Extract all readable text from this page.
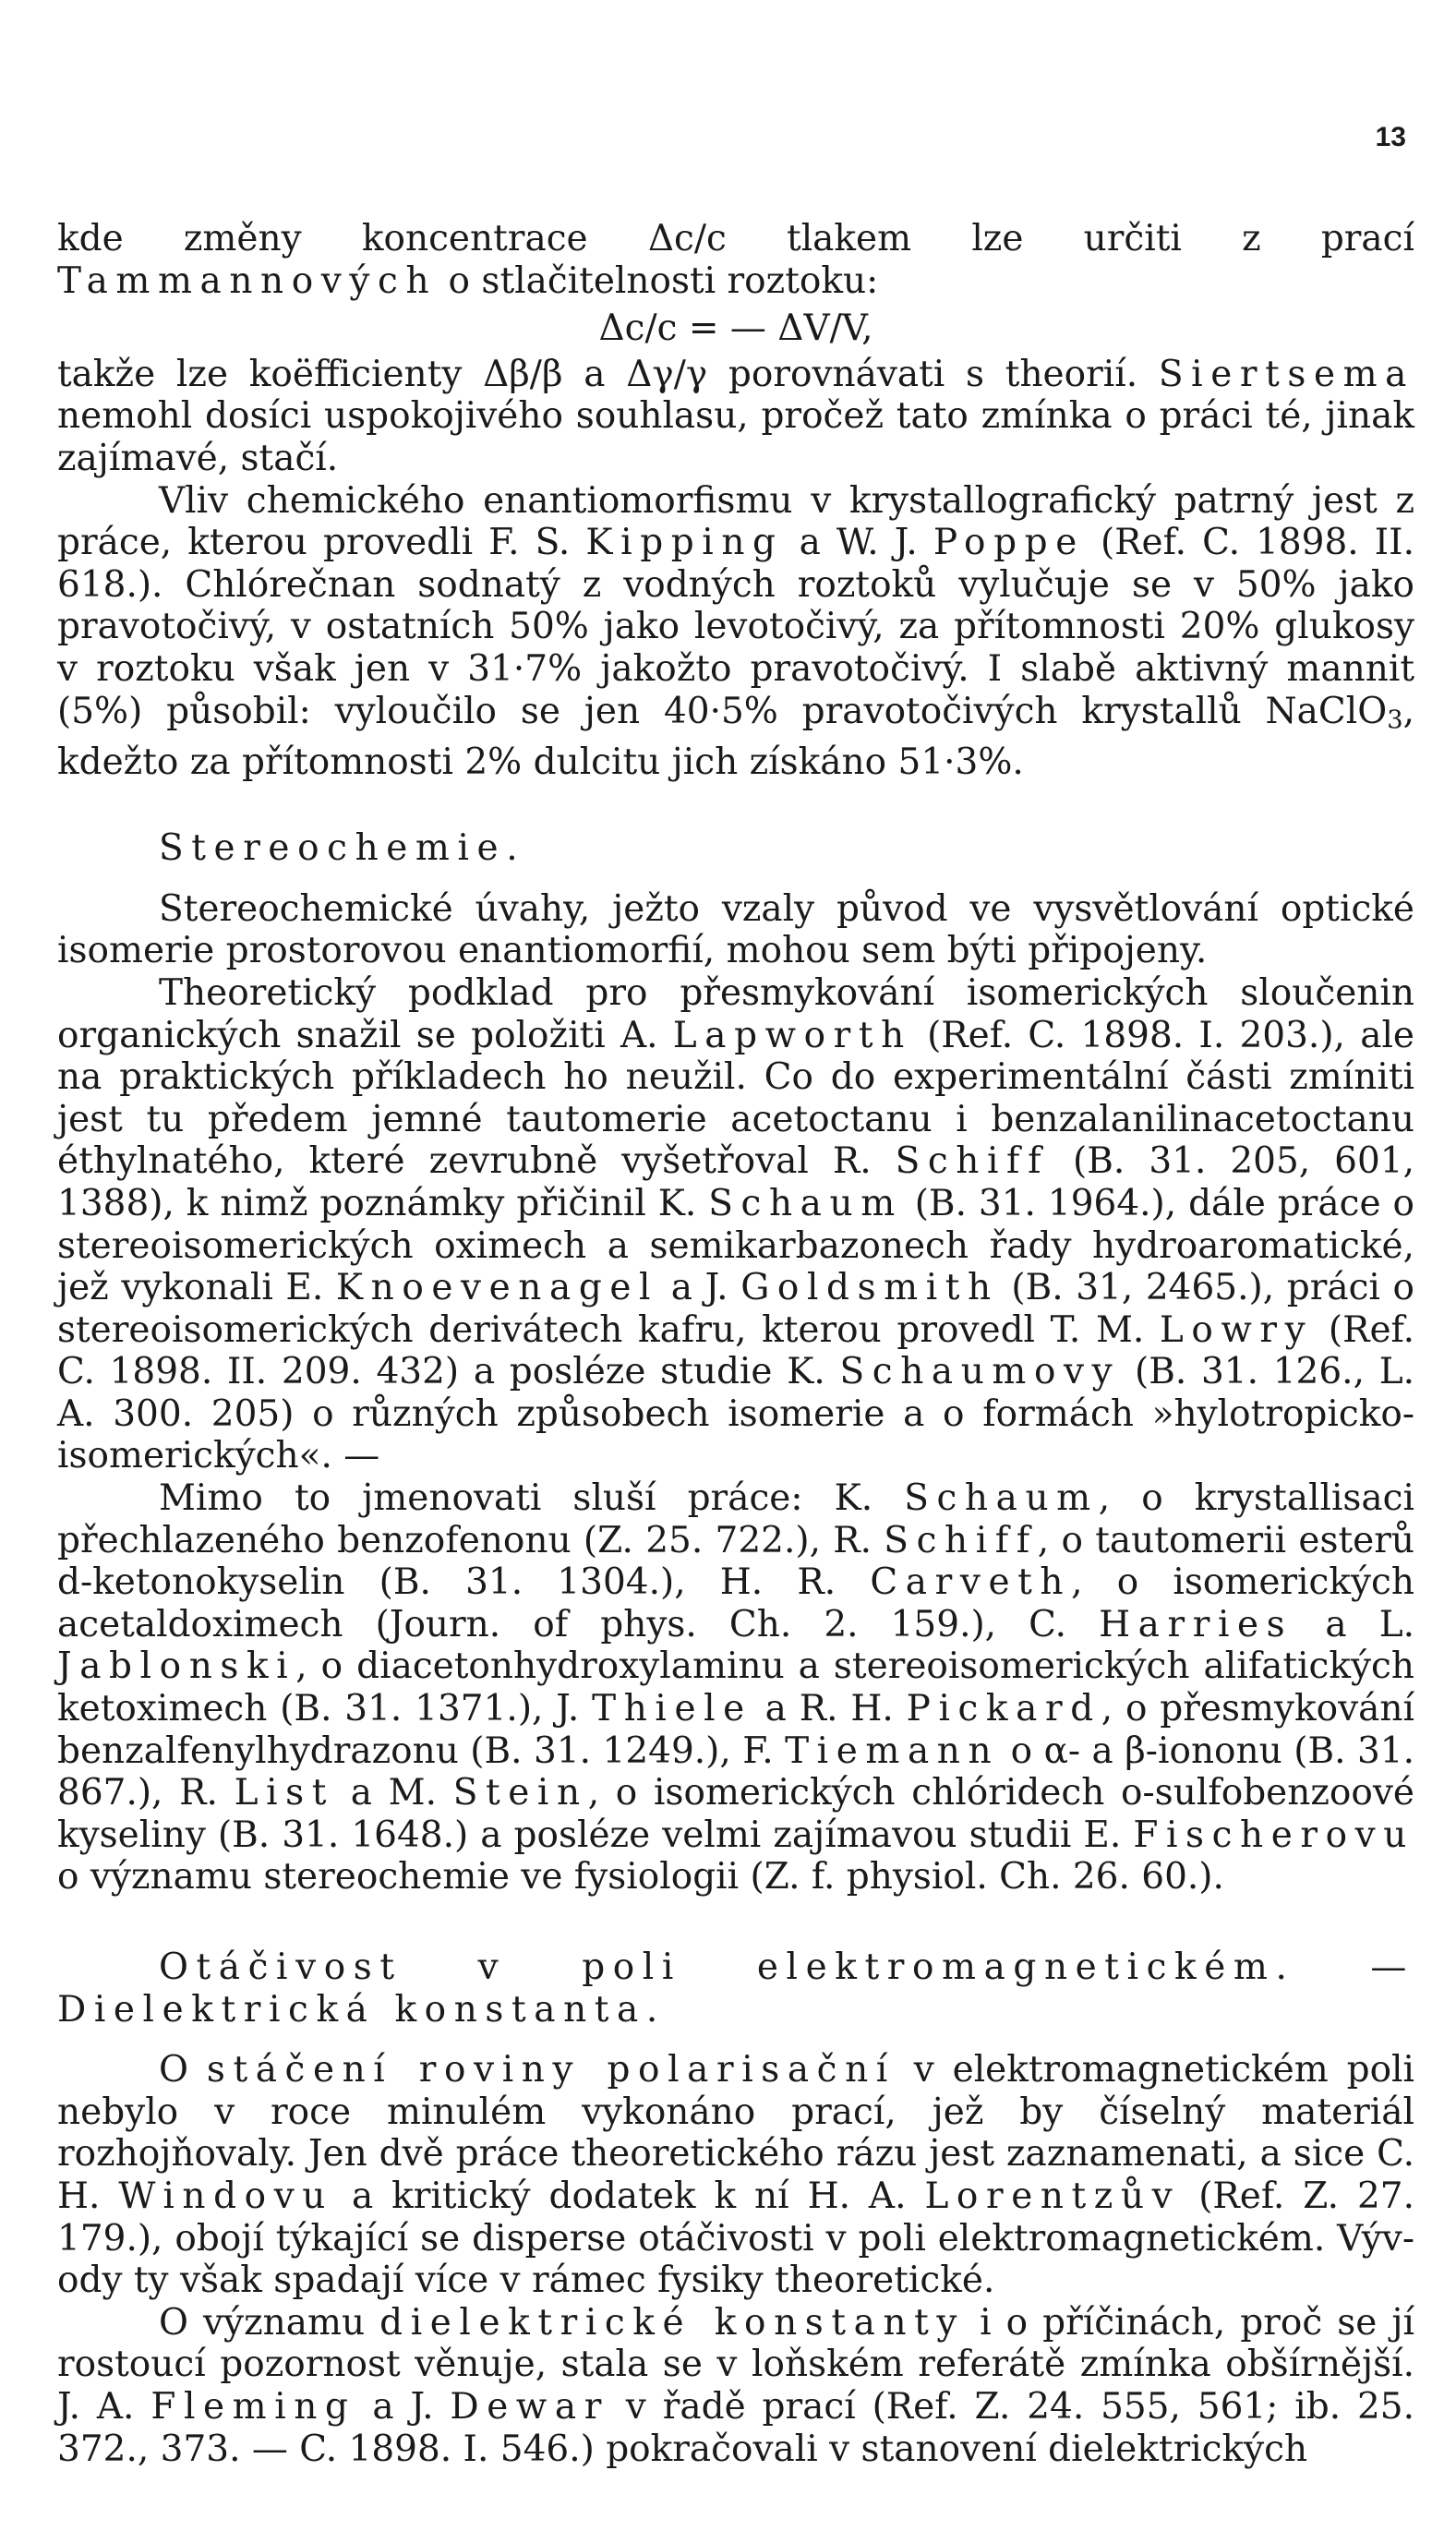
13

kde změny koncentrace Δc/c tlakem lze určiti z prací Tammannových o stlačitelnosti roztoku:

Δc/c = — ΔV/V,

takže lze koëfficienty Δβ/β a Δγ/γ porovnávati s theorií. Siertsema nemohl dosíci uspokojivého souhlasu, pročež tato zmínka o práci té, jinak zajímavé, stačí.

Vliv chemického enantiomorfismu v krystallografický patrný jest z práce, kterou provedli F. S. Kipping a W. J. Poppe (Ref. C. 1898. II. 618.). Chlórečnan sodnatý z vodných roztoků vylučuje se v 50% jako pravotočivý, v ostatních 50% jako levotočivý, za přítomnosti 20% glukosy v roztoku však jen v 31·7% jakožto pravotočivý. I slabě aktivný mannit (5%) působil: vyloučilo se jen 40·5% pravotočivých krystallů NaClO3, kdežto za přítomnosti 2% dulcitu jich získáno 51·3%.

Stereochemie.

Stereochemické úvahy, ježto vzaly původ ve vysvětlování optické isomerie prostorovou enantiomorfií, mohou sem býti připojeny.

Theoretický podklad pro přesmykování isomerických sloučenin organických snažil se položiti A. Lapworth (Ref. C. 1898. I. 203.), ale na praktických příkladech ho neužil. Co do experimentální části zmíniti jest tu předem jemné tautomerie acetoctanu i benzalanilinacetoctanu éthylnatého, které zevrubně vyšetřoval R. Schiff (B. 31. 205, 601, 1388), k nimž poznámky přičinil K. Schaum (B. 31. 1964.), dále práce o stereoisomerických oximech a semikarbazonech řady hydroaromatické, jež vykonali E. Knoevenagel a J. Goldsmith (B. 31, 2465.), práci o stereoisomerických derivátech kafru, kterou provedl T. M. Lowry (Ref. C. 1898. II. 209. 432) a posléze studie K. Schaumovy (B. 31. 126., L. A. 300. 205) o různých způsobech isomerie a o formách »hylotropicko-isomerických«. —

Mimo to jmenovati sluší práce: K. Schaum, o krystallisaci přechlazeného benzofenonu (Z. 25. 722.), R. Schiff, o tautomerii esterů d-ketonokyselin (B. 31. 1304.), H. R. Carveth, o isomerických acetaldoximech (Journ. of phys. Ch. 2. 159.), C. Harries a L. Jablonski, o diacetonhydroxylaminu a stereoisomerických alifatických ketoximech (B. 31. 1371.), J. Thiele a R. H. Pickard, o přesmykování benzalfenylhydrazonu (B. 31. 1249.), F. Tiemann o α- a β-iononu (B. 31. 867.), R. List a M. Stein, o isomerických chlóridech o-sulfobenzoové kyseliny (B. 31. 1648.) a posléze velmi zajímavou studii E. Fischerovu o významu stereochemie ve fysiologii (Z. f. physiol. Ch. 26. 60.).

Otáčivost v poli elektromagnetickém. — Dielektrická konstanta.

O stáčení roviny polarisační v elektromagnetickém poli nebylo v roce minulém vykonáno prací, jež by číselný materiál rozhojňovaly. Jen dvě práce theoretického rázu jest zaznamenati, a sice C. H. Windovu a kritický dodatek k ní H. A. Lorentzův (Ref. Z. 27. 179.), obojí týkající se disperse otáčivosti v poli elektromagnetickém. Vývody ty však spadají více v rámec fysiky theoretické.

O významu dielektrické konstanty i o příčinách, proč se jí rostoucí pozornost věnuje, stala se v loňském referátě zmínka obšírnější. J. A. Fleming a J. Dewar v řadě prací (Ref. Z. 24. 555, 561; ib. 25. 372., 373. — C. 1898. I. 546.) pokračovali v stanovení dielektrických
